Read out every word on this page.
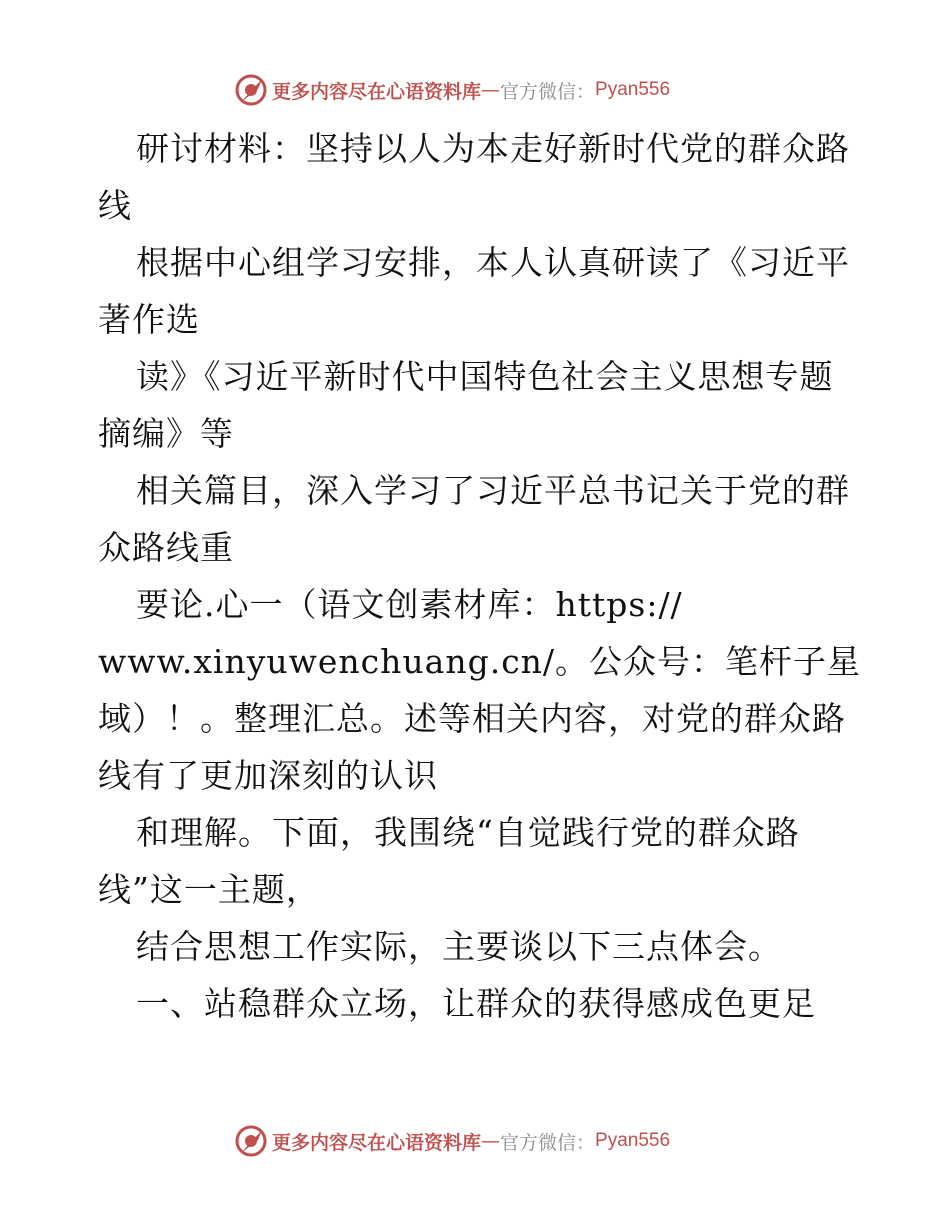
更多内容尽在心语资料库 — 官方微信： Pyan556
研讨材料：坚持以人为本走好新时代党的群众路
线
根据中心组学习安排，本人认真研读了《习近平
著作选
读》《习近平新时代中国特色社会主义思想专题
摘编》等
相关篇目，深入学习了习近平总书记关于党的群
众路线重
要论.心一（语文创素材库：https://
www.xinyuwenchuang.cn/。公众号：笔杆子星
域）！。整理汇总。述等相关内容，对党的群众路
线有了更加深刻的认识
和理解。下面，我围绕“自觉践行党的群众路
线”这一主题，
结合思想工作实际，主要谈以下三点体会。
一、站稳群众立场，让群众的获得感成色更足
更多内容尽在心语资料库 — 官方微信： Pyan556
